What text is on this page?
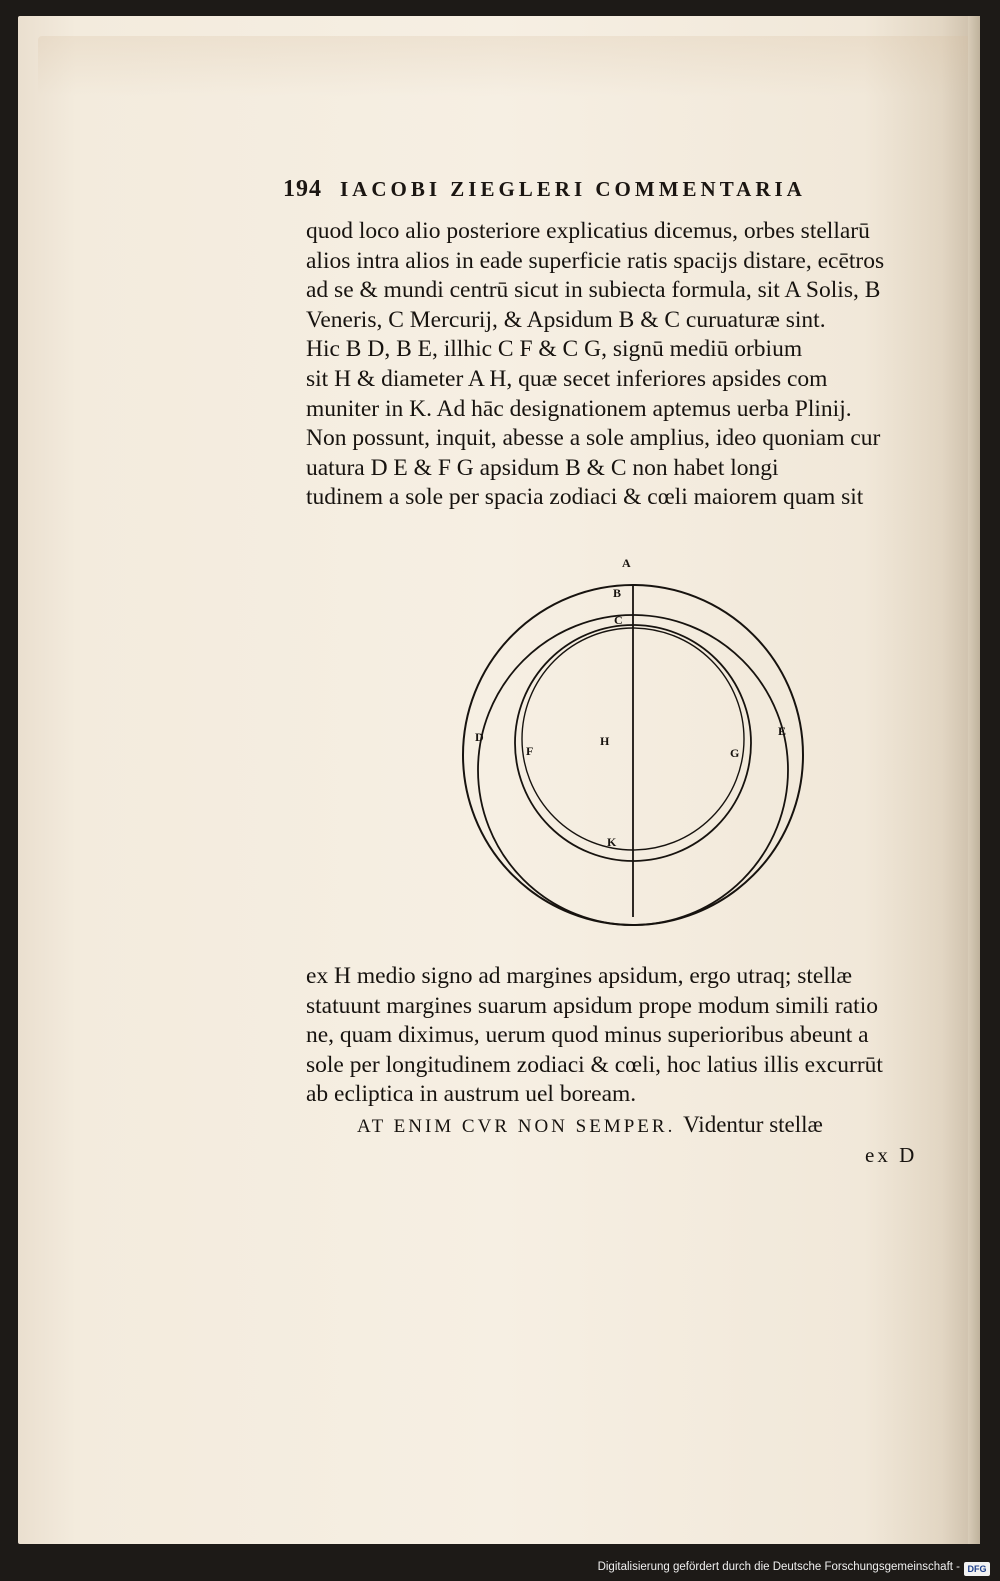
194 IACOBI ZIEGLERI COMMENTARIA
quod loco alio posteriore explicatius dicemus, orbes stellarū
alios intra alios in eade superficie ratis spacijs distare, ecētros
ad se & mundi centrū sicut in subiecta formula, sit A Solis, B
Veneris, C Mercurij, & Apsidum B & C curuaturæ sint.
Hic B D, B E, illhic C F & C G, signū mediū orbium
sit H & diameter A H, quæ secet inferiores apsides com
muniter in K. Ad hāc designationem aptemus uerba Plinij.
Non possunt, inquit, abesse a sole amplius, ideo quoniam cur
uatura D E & F G apsidum B & C non habet longi
tudinem a sole per spacia zodiaci & cœli maiorem quam sit
A
B
C
D	E
F	G
H
K
ex H medio signo ad margines apsidum, ergo utraq; stellæ
statuunt margines suarum apsidum prope modum simili ratio
ne, quam diximus, uerum quod minus superioribus abeunt a
sole per longitudinem zodiaci & cœli, hoc latius illis excurrūt
ab ecliptica in austrum uel boream.
AT ENIM CVR NON SEMPER. Videntur stellæ
ex D
Digitalisierung gefördert durch die Deutsche Forschungsgemeinschaft - DFG
